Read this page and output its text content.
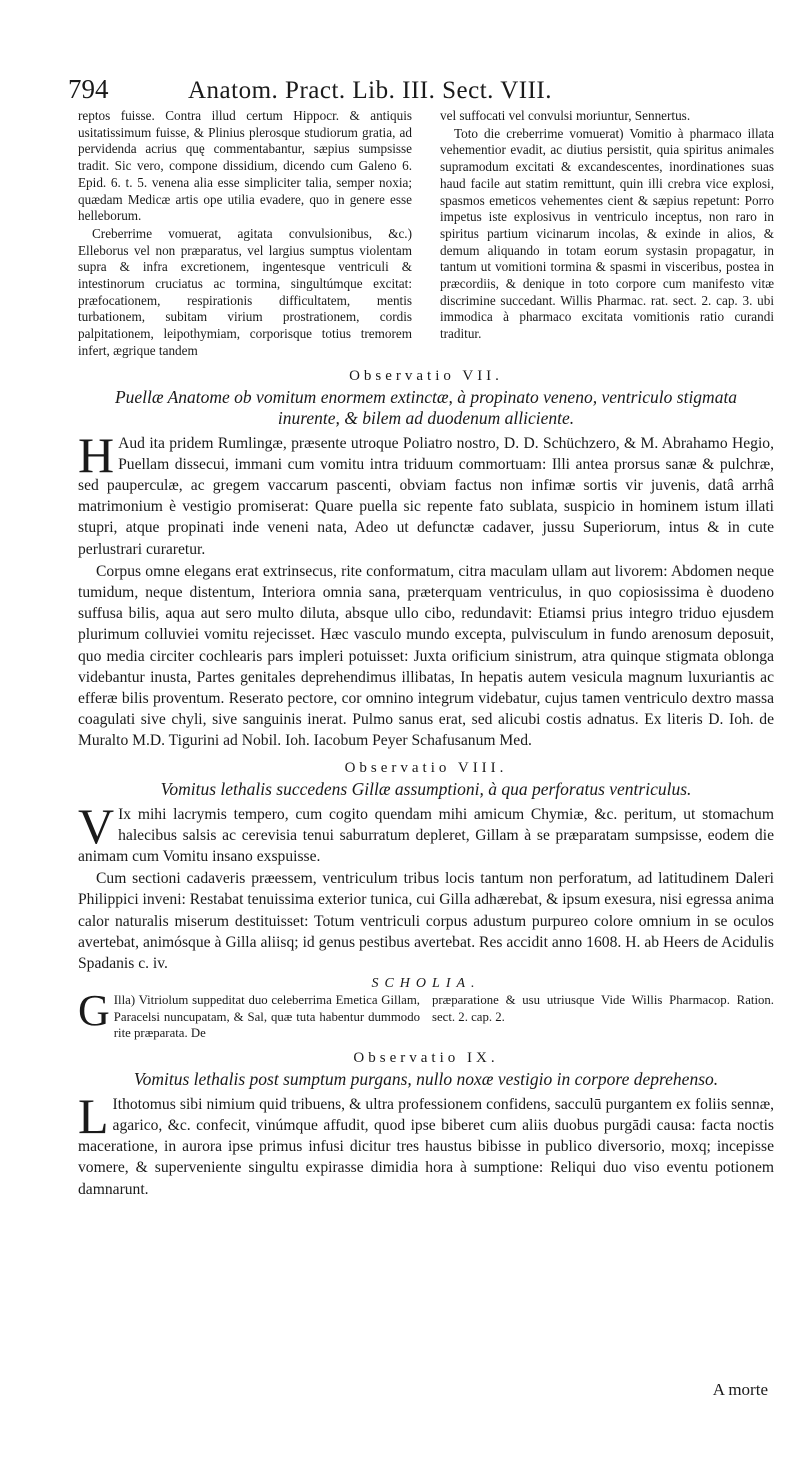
794	Anatom. Pract. Lib. III. Sect. VIII.

reptos fuisse. Contra illud certum Hippocr. & antiquis usitatissimum fuisse, & Plinius plerosque studiorum gratia, ad pervidenda acrius quę commentabantur, sæpius sumpsisse tradit. Sic vero, compone dissidium, dicendo cum Galeno 6. Epid. 6. t. 5. venena alia esse simpliciter talia, semper noxia; quædam Medicæ artis ope utilia evadere, quo in genere esse helleborum.

Creberrime vomuerat, agitata convulsionibus, &c.) Elleborus vel non præparatus, vel largius sumptus violentam supra & infra excretionem, ingentesque ventriculi & intestinorum cruciatus ac tormina, singultúmque excitat: præfocationem, respirationis difficultatem, mentis turbationem, subitam virium prostrationem, cordis palpitationem, leipothymiam, corporisque totius tremorem infert, ægrique tandem

vel suffocati vel convulsi moriuntur, Sennertus.

Toto die creberrime vomuerat) Vomitio à pharmaco illata vehementior evadit, ac diutius persistit, quia spiritus animales supramodum excitati & excandescentes, inordinationes suas haud facile aut statim remittunt, quin illi crebra vice explosi, spasmos emeticos vehementes cient & sæpius repetunt: Porro impetus iste explosivus in ventriculo inceptus, non raro in spiritus partium vicinarum incolas, & exinde in alios, & demum aliquando in totam eorum systasin propagatur, in tantum ut vomitioni tormina & spasmi in visceribus, postea in præcordiis, & denique in toto corpore cum manifesto vitæ discrimine succedant. Willis Pharmac. rat. sect. 2. cap. 3. ubi immodica à pharmaco excitata vomitionis ratio curandi traditur.

Observatio VII.
Puellæ Anatome ob vomitum enormem extinctæ, à propinato veneno, ventriculo stigmata inurente, & bilem ad duodenum alliciente.

H Aud ita pridem Rumlingæ, præsente utroque Poliatro nostro, D. D. Schüchzero, & M. Abrahamo Hegio, Puellam dissecui, immani cum vomitu intra triduum commortuam: Illi antea prorsus sanæ & pulchræ, sed pauperculæ, ac gregem vaccarum pascenti, obviam factus non infimæ sortis vir juvenis, datâ arrhâ matrimonium è vestigio promiserat: Quare puella sic repente fato sublata, suspicio in hominem istum illati stupri, atque propinati inde veneni nata, Adeo ut defunctæ cadaver, jussu Superiorum, intus & in cute perlustrari curaretur.

Corpus omne elegans erat extrinsecus, rite conformatum, citra maculam ullam aut livorem: Abdomen neque tumidum, neque distentum, Interiora omnia sana, præterquam ventriculus, in quo copiosissima è duodeno suffusa bilis, aqua aut sero multo diluta, absque ullo cibo, redundavit: Etiamsi prius integro triduo ejusdem plurimum colluviei vomitu rejecisset. Hæc vasculo mundo excepta, pulvisculum in fundo arenosum deposuit, quo media circiter cochlearis pars impleri potuisset: Juxta orificium sinistrum, atra quinque stigmata oblonga videbantur inusta, Partes genitales deprehendimus illibatas, In hepatis autem vesicula magnum luxuriantis ac efferæ bilis proventum. Reserato pectore, cor omnino integrum videbatur, cujus tamen ventriculo dextro massa coagulati sive chyli, sive sanguinis inerat. Pulmo sanus erat, sed alicubi costis adnatus. Ex literis D. Ioh. de Muralto M.D. Tigurini ad Nobil. Ioh. Iacobum Peyer Schafusanum Med.

Observatio VIII.
Vomitus lethalis succedens Gillæ assumptioni, à qua perforatus ventriculus.

V Ix mihi lacrymis tempero, cum cogito quendam mihi amicum Chymiæ, &c. peritum, ut stomachum halecibus salsis ac cerevisia tenui saburratum depleret, Gillam à se præparatam sumpsisse, eodem die animam cum Vomitu insano exspuisse.

Cum sectioni cadaveris præessem, ventriculum tribus locis tantum non perforatum, ad latitudinem Daleri Philippici inveni: Restabat tenuissima exterior tunica, cui Gilla adhærebat, & ipsum exesura, nisi egressa anima calor naturalis miserum destituisset: Totum ventriculi corpus adustum purpureo colore omnium in se oculos avertebat, animósque à Gilla aliisq; id genus pestibus avertebat. Res accidit anno 1608. H. ab Heers de Acidulis Spadanis c. iv.

SCHOLIA.
G Illa) Vitriolum suppeditat duo celeberrima Emetica Gillam, Paracelsi nuncupatam, & Sal, quæ tuta habentur dummodo rite præparata. De
præparatione & usu utriusque Vide Willis Pharmacop. Ration. sect. 2. cap. 2.
Observatio IX.
Vomitus lethalis post sumptum purgans, nullo noxæ vestigio in corpore deprehenso.

L Ithotomus sibi nimium quid tribuens, & ultra professionem confidens, sacculū purgantem ex foliis sennæ, agarico, &c. confecit, vinúmque affudit, quod ipse biberet cum aliis duobus purgādi causa: facta noctis maceratione, in aurora ipse primus infusi dicitur tres haustus bibisse in publico diversorio, moxq; incepisse vomere, & superveniente singultu expirasse dimidia hora à sumptione: Reliqui duo viso eventu potionem damnarunt.

A morte
